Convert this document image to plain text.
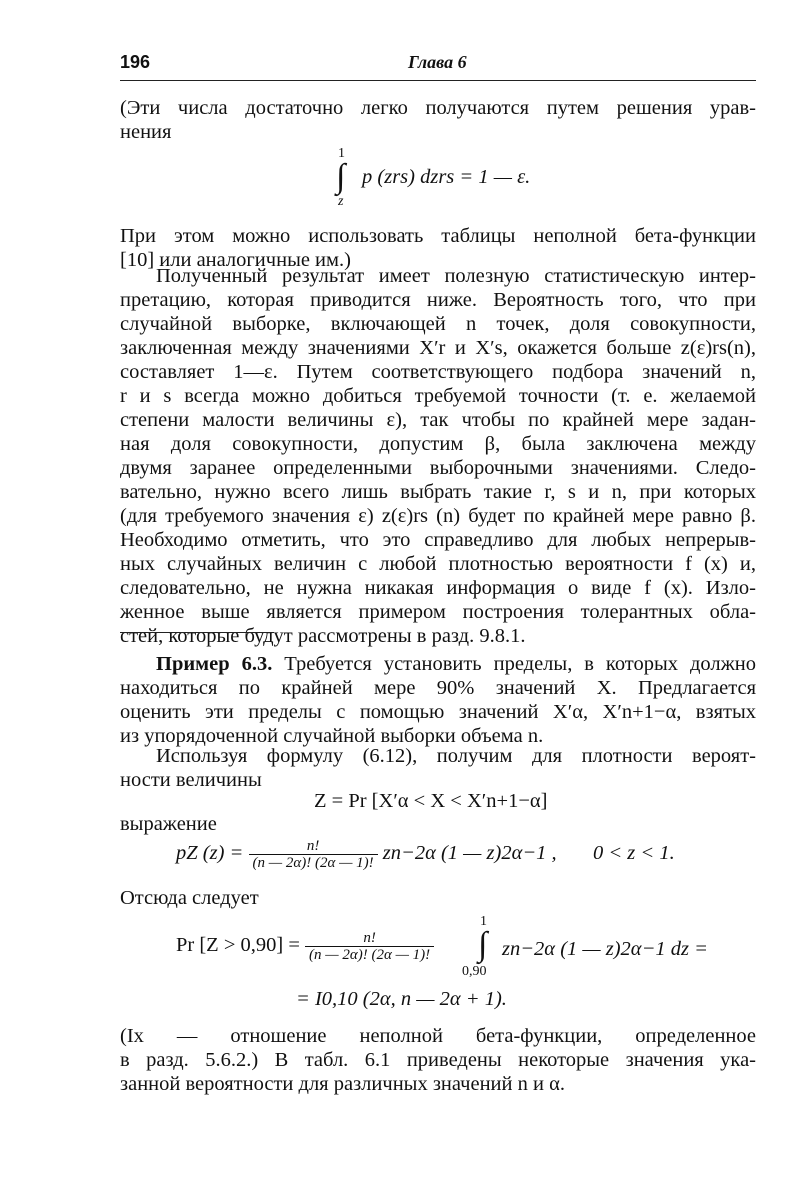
196	Глава 6
(Эти числа достаточно легко получаются путем решения урав-
нения
1
∫
z
p (zrs) dzrs = 1 — ε.
При этом можно использовать таблицы неполной бета-функции
[10] или аналогичные им.)
Полученный результат имеет полезную статистическую интер-
претацию, которая приводится ниже. Вероятность того, что при
случайной выборке, включающей n точек, доля совокупности,
заключенная между значениями X′r и X′s, окажется больше z(ε)rs(n),
составляет 1—ε. Путем соответствующего подбора значений n,
r и s всегда можно добиться требуемой точности (т. е. желаемой
степени малости величины ε), так чтобы по крайней мере задан-
ная доля совокупности, допустим β, была заключена между
двумя заранее определенными выборочными значениями. Следо-
вательно, нужно всего лишь выбрать такие r, s и n, при которых
(для требуемого значения ε) z(ε)rs (n) будет по крайней мере равно β.
Необходимо отметить, что это справедливо для любых непрерыв-
ных случайных величин с любой плотностью вероятности f (x) и,
следовательно, не нужна никакая информация о виде f (x). Изло-
женное выше является примером построения толерантных обла-
стей, которые будут рассмотрены в разд. 9.8.1.
Пример 6.3. Требуется установить пределы, в которых должно
находиться по крайней мере 90% значений X. Предлагается
оценить эти пределы с помощью значений X′α, X′n+1−α, взятых
из упорядоченной случайной выборки объема n.
Используя формулу (6.12), получим для плотности вероят-
ности величины
Z = Pr [X′α < X < X′n+1−α]
выражение
pZ $(z) = \frac{n!}{(n — 2\alpha)! (2\alpha — 1)!} zn-2\alpha$ (1 — z)2α−1 , 0 < z < 1.
Отсюда следует
1
∫
0,90
Pr $[Z > 0,90] = \frac{n!}{(n — 2\alpha)! (2\alpha — 1)!}$	zn−2α (1 — z)2α−1 dz =
= I0,10 (2α, n — 2α + 1).
(Ix — отношение неполной бета-функции, определенное
в разд. 5.6.2.) В табл. 6.1 приведены некоторые значения ука-
занной вероятности для различных значений n и α.
